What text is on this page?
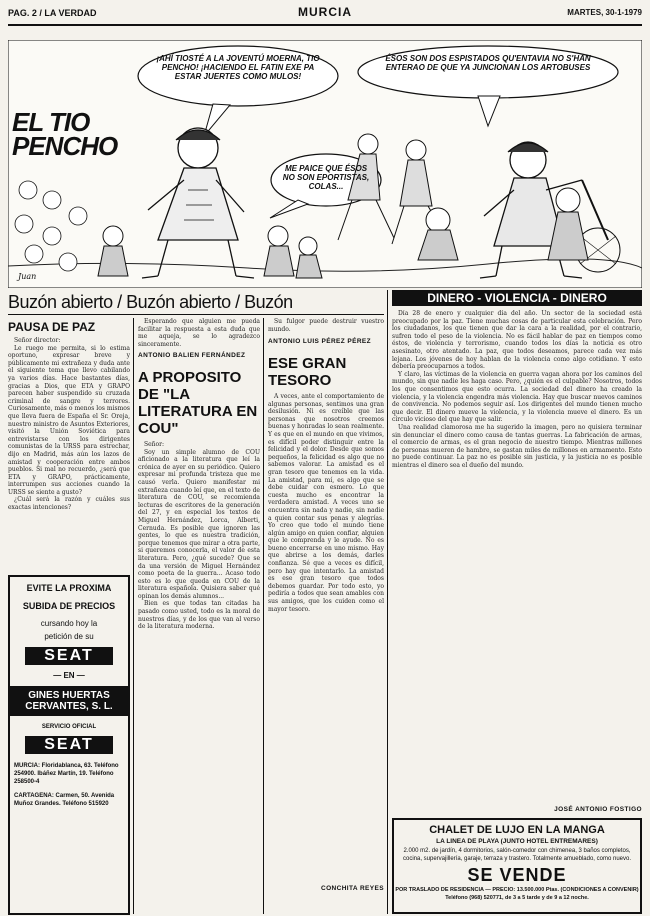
PAG. 2 / LA VERDAD	MURCIA	MARTES, 30-1-1979
EL TIO
PENCHO
¡AHÍ TIOSTÉ A LA JOVENTÚ MOERNA, TIO PENCHO! ¡HACIENDO EL FATIN EXE PA ESTAR JUERTES COMO MULOS!
ÉSOS SON DOS ESPISTADOS QU'ENTAVIA NO S'HAN ENTERAO DE QUE YA JUNCIONAN LOS ARTOBUSES
ME PAICE QUE ÉSOS NO SON EPORTISTAS, COLAS...
Juan
Buzón abierto / Buzón abierto / Buzón
PAUSA DE PAZ

Señor director:

Le ruego me permita, si lo estima oportuno, expresar breve y públicamente mi extrañeza y duda ante el siguiente tema que llevo cabilando ya varios días. Hace bastantes días, gracias a Dios, que ETA y GRAPO parecen haber suspendido su cruzada criminal de sangre y terrores. Curiosamente, más o menos los mismos que lleva fuera de España el Sr. Oreja, nuestro ministro de Asuntos Exteriores, visitó la Unión Soviética para entrevistarse con los dirigentes comunistas de la URSS para estrechar, dijo en Madrid, más aún los lazos de amistad y cooperación entre ambos pueblos. Si mal no recuerdo, ¿será que ETA y GRAPO, prácticamente, interrumpen sus acciones cuando la URSS se siente a gusto?

¿Cuál será la razón y cuáles sus exactas intenciones?

EVITE LA PROXIMA
SUBIDA DE PRECIOS
cursando hoy la
petición de su
SEAT
— EN —
GINES HUERTAS
CERVANTES, S. L.
SERVICIO OFICIAL
SEAT
MURCIA: Floridablanca, 63. Teléfono 254900. Ibáñez Martín, 19. Teléfono 258500-4
CARTAGENA: Carmen, 50. Avenida Muñoz Grandes. Teléfono 515920

Esperando que alguien me pueda facilitar la respuesta a esta duda que me aqueja, se lo agradezco sinceramente.

ANTONIO BALIEN FERNÁNDEZ
A PROPOSITO DE "LA LITERATURA EN COU"

Señor:

Soy un simple alumno de COU aficionado a la literatura que leí la crónica de ayer en su periódico. Quiero expresar mi profunda tristeza que me causó verla. Quiero manifestar mi extrañeza cuando leí que, en el texto de literatura de COU, se recomienda lecturas de escritores de la generación del 27, y en especial los textos de Miguel Hernández, Lorca, Alberti, Cernuda. Es posible que ignoren las gentes, lo que es nuestra tradición, porque tenemos que mirar a otra parte, si queremos conocerla, el valor de esta literatura. Pero, ¿qué sucede? Que se da una versión de Miguel Hernández como poeta de la guerra... Acaso todo esto es lo que queda en COU de la literatura española. Quisiera saber qué opinan los demás alumnos...

Bien es que todas tan citadas ha pasado como usted, todo es la moral de nuestros días, y de los que van al verso de la literatura moderna.

Su fulgor puede destruir vuestro mundo.

ANTONIO LUIS PÉREZ PÉREZ
ESE GRAN TESORO

A veces, ante el comportamiento de algunas personas, sentimos una gran desilusión. Ni es creíble que las personas que nosotros creemos buenas y honradas lo sean realmente. Y es que en el mundo en que vivimos, es difícil poder distinguir entre la felicidad y el dolor. Desde que somos pequeños, la felicidad es algo que no sabemos valorar. La amistad es el gran tesoro que tenemos en la vida. La amistad, para mí, es algo que se debe cuidar con esmero. Lo que cuesta mucho es encontrar la verdadera amistad. A veces uno se encuentra sin nada y nadie, sin nadie a quien contar sus penas y alegrías. Yo creo que todo el mundo tiene algún amigo en quien confiar, alguien que le comprenda y le ayude. No es bueno encerrarse en uno mismo. Hay que abrirse a los demás, darles confianza. Sé que a veces es difícil, pero hay que intentarlo. La amistad es ese gran tesoro que todos debemos guardar. Por todo esto, yo pediría a todos que sean amables con sus amigos, que los cuiden como el mayor tesoro.

CONCHITA REYES
DINERO - VIOLENCIA - DINERO

Día 28 de enero y cualquier día del año. Un sector de la sociedad está preocupado por la paz. Tiene muchas cosas de particular esta celebración. Pero los ciudadanos, los que tienen que dar la cara a la realidad, por el contrario, sufren todo el peso de la violencia. No es fácil hablar de paz en tiempos como éstos, de violencia y terrorismo, cuando todos los días la noticia es otro asesinato, otro atentado. La paz, que todos deseamos, parece cada vez más lejana. Los jóvenes de hoy hablan de la violencia como algo cotidiano. Y esto debería preocuparnos a todos.

Y claro, las víctimas de la violencia en guerra vagan ahora por los caminos del mundo, sin que nadie les haga caso. Pero, ¿quién es el culpable? Nosotros, todos los que consentimos que esto ocurra. La sociedad del dinero ha creado la violencia, y la violencia engendra más violencia. Hay que buscar nuevos caminos de convivencia. No podemos seguir así. Los dirigentes del mundo tienen mucho que decir. El dinero mueve la violencia, y la violencia mueve el dinero. Es un círculo vicioso del que hay que salir.

Una realidad clamorosa me ha sugerido la imagen, pero no quisiera terminar sin denunciar el dinero como causa de tantas guerras. La fabricación de armas, el comercio de armas, es el gran negocio de nuestro tiempo. Mientras millones de personas mueren de hambre, se gastan miles de millones en armamento. Esto no puede continuar. La paz no es posible sin justicia, y la justicia no es posible mientras el dinero sea el dueño del mundo.

JOSÉ ANTONIO FOSTIGO
CHALET DE LUJO EN LA MANGA
LA LINEA DE PLAYA (JUNTO HOTEL ENTREMARES)
2.000 m2. de jardín, 4 dormitorios, salón-comedor con chimenea, 3 baños completos, cocina, supervajillería, garaje, terraza y trastero. Totalmente amueblado, como nuevo.
SE VENDE
POR TRASLADO DE RESIDENCIA — PRECIO: 13.500.000 Ptas. (CONDICIONES A CONVENIR)
Teléfono (968) 520771, de 3 a 5 tarde y de 9 a 12 noche.
